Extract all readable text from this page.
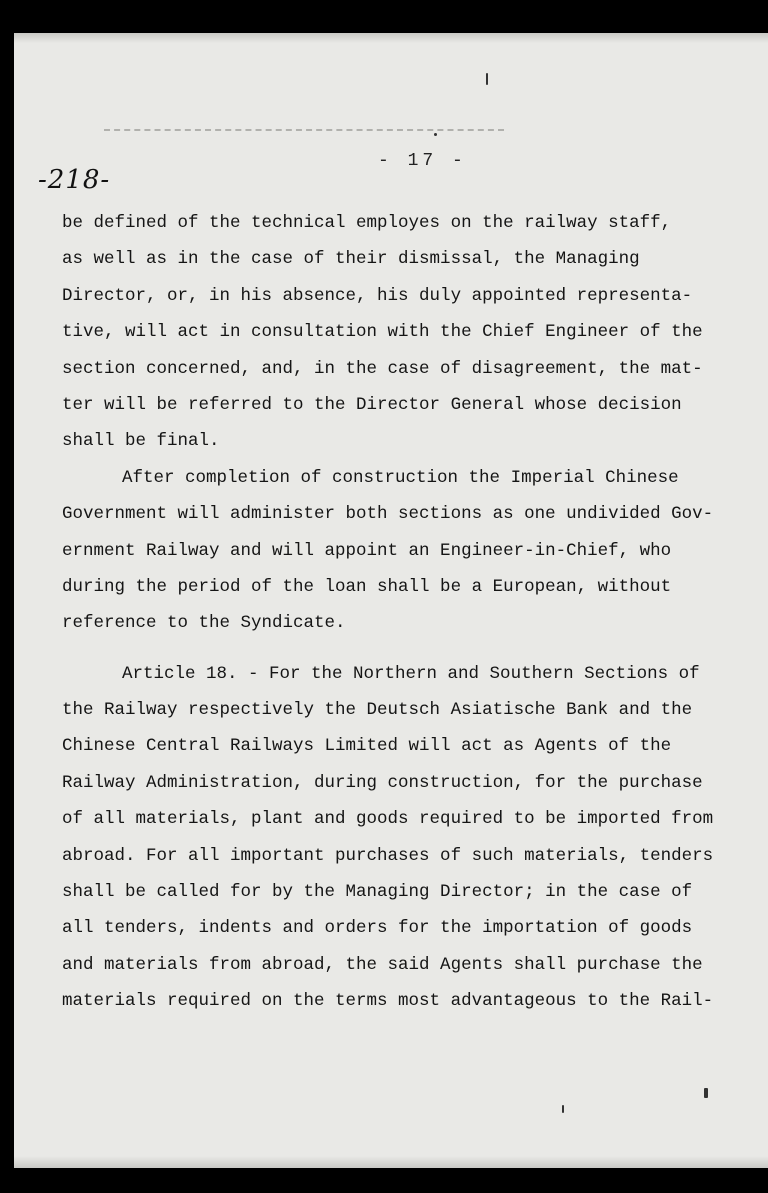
-218-
- 17 -
be defined of the technical employes on the railway staff,
as well as in the case of their dismissal, the Managing
Director, or, in his absence, his duly appointed representa-
tive, will act in consultation with the Chief Engineer of the
section concerned, and, in the case of disagreement, the mat-
ter will be referred to the Director General whose decision
shall be final.
After completion of construction the Imperial Chinese
Government will administer both sections as one undivided Gov-
ernment Railway and will appoint an Engineer-in-Chief, who
during the period of the loan shall be a European, without
reference to the Syndicate.
Article 18. - For the Northern and Southern Sections of
the Railway respectively the Deutsch Asiatische Bank and the
Chinese Central Railways Limited will act as Agents of the
Railway Administration, during construction, for the purchase
of all materials, plant and goods required to be imported from
abroad. For all important purchases of such materials, tenders
shall be called for by the Managing Director; in the case of
all tenders, indents and orders for the importation of goods
and materials from abroad, the said Agents shall purchase the
materials required on the terms most advantageous to the Rail-
